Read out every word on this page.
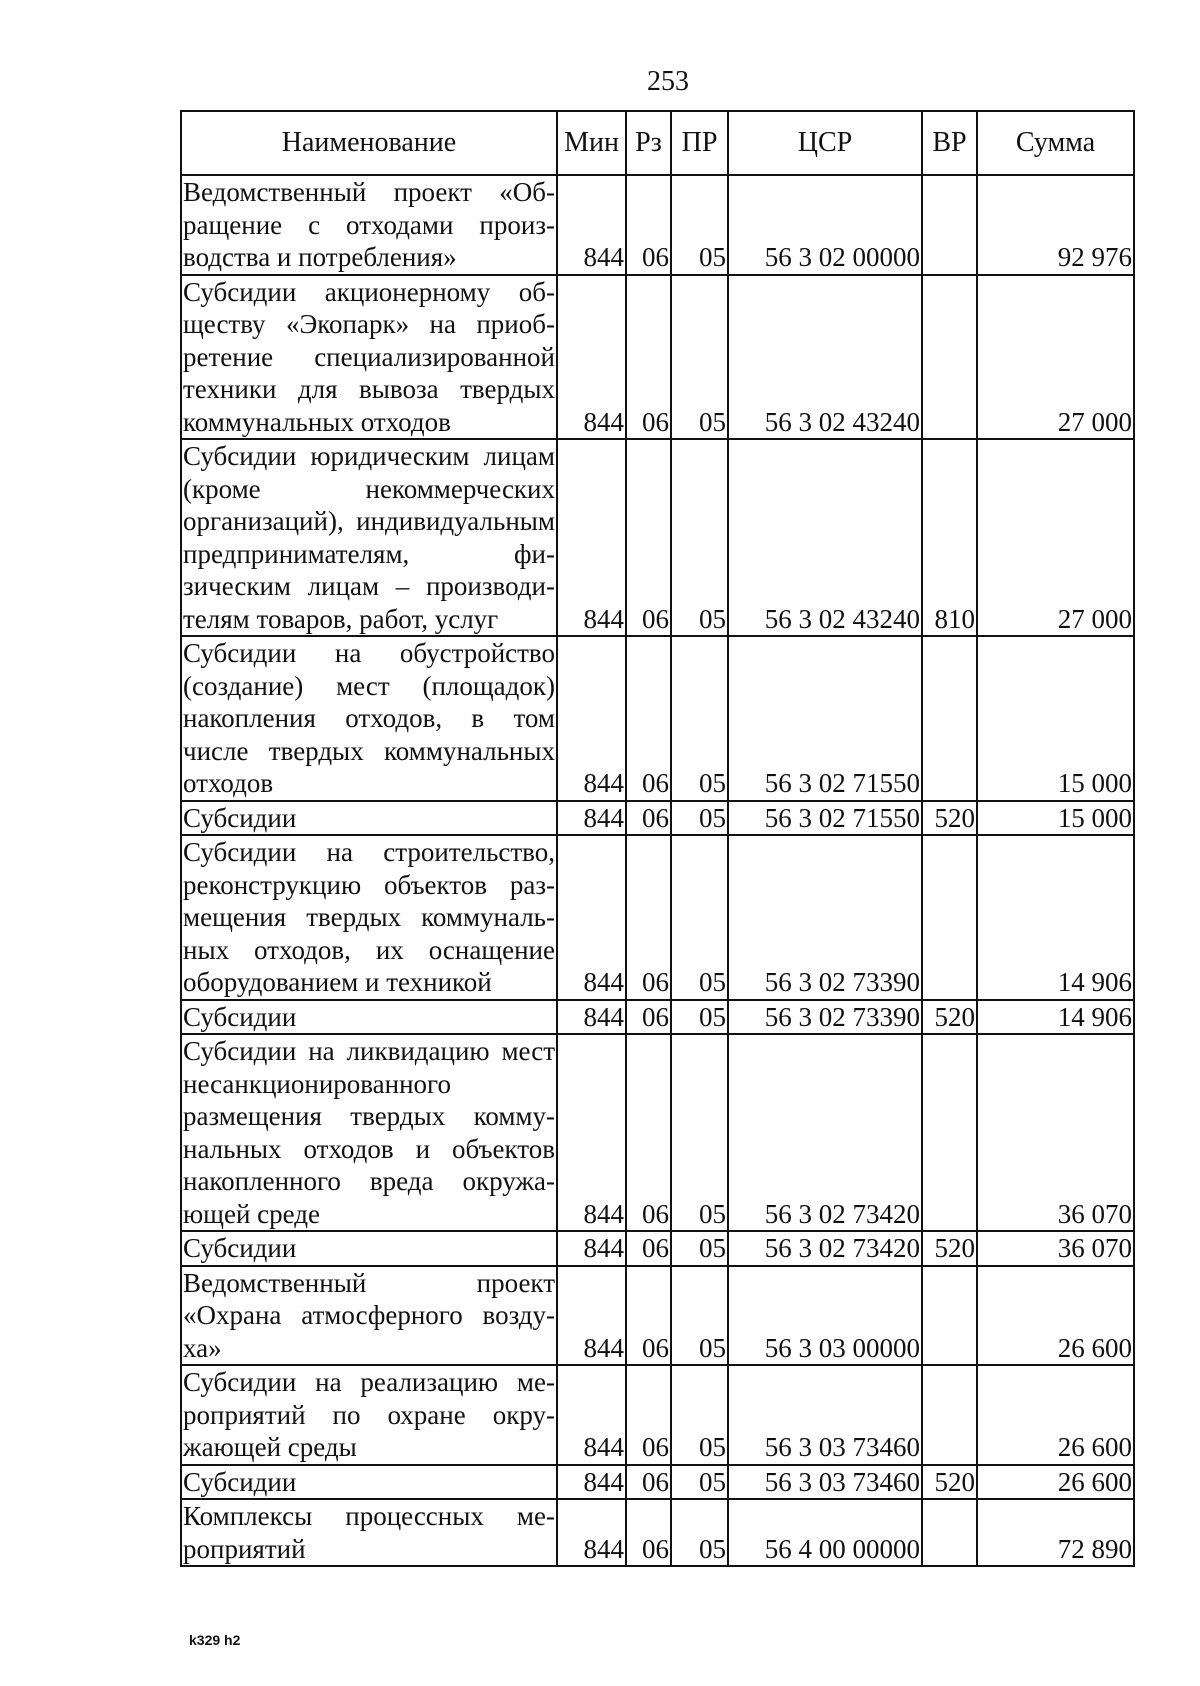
253
Наименование	Мин	Рз	ПР	ЦСР	ВР	Сумма
Ведомственный проект «Обращение с отходами производства и потребления»	844	06	05	56 3 02 00000		92 976
Субсидии акционерному обществу «Экопарк» на приобретение специализированной техники для вывоза твердых коммунальных отходов	844	06	05	56 3 02 43240		27 000
Субсидии юридическим лицам (кроме некоммерческих организаций), индивидуальным предпринимателям, физическим лицам – производителям товаров, работ, услуг	844	06	05	56 3 02 43240	810	27 000
Субсидии на обустройство (создание) мест (площадок) накопления отходов, в том числе твердых коммунальных отходов	844	06	05	56 3 02 71550		15 000
Субсидии	844	06	05	56 3 02 71550	520	15 000
Субсидии на строительство, реконструкцию объектов размещения твердых коммунальных отходов, их оснащение оборудованием и техникой	844	06	05	56 3 02 73390		14 906
Субсидии	844	06	05	56 3 02 73390	520	14 906
Субсидии на ликвидацию мест несанкционированного размещения твердых коммунальных отходов и объектов накопленного вреда окружающей среде	844	06	05	56 3 02 73420		36 070
Субсидии	844	06	05	56 3 02 73420	520	36 070
Ведомственный проект «Охрана атмосферного воздуха»	844	06	05	56 3 03 00000		26 600
Субсидии на реализацию мероприятий по охране окружающей среды	844	06	05	56 3 03 73460		26 600
Субсидии	844	06	05	56 3 03 73460	520	26 600
Комплексы процессных мероприятий	844	06	05	56 4 00 00000		72 890
k329 h2
